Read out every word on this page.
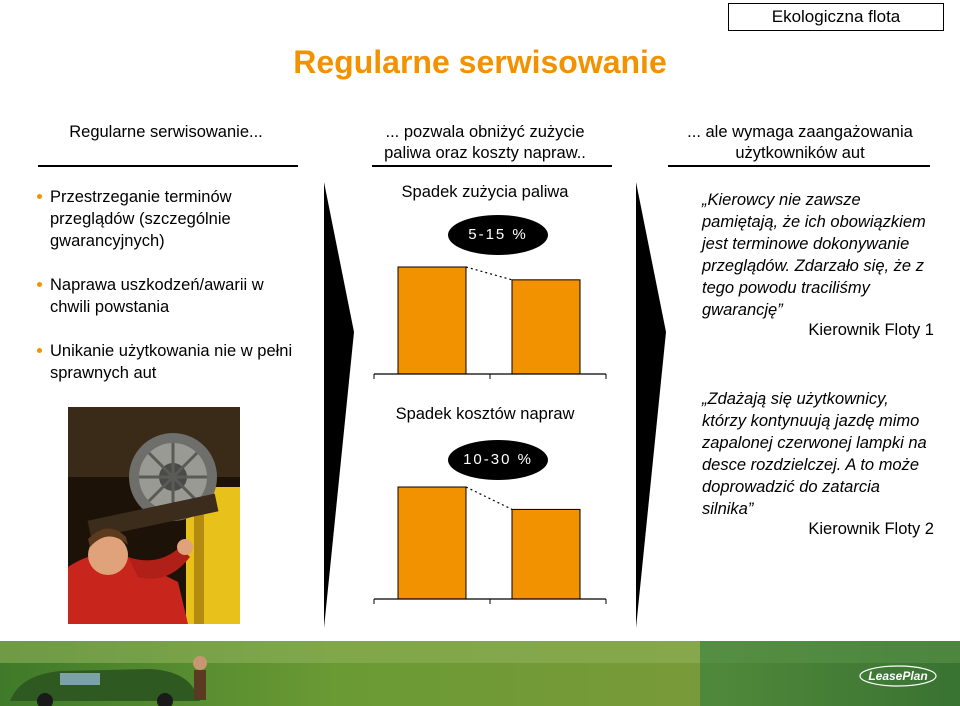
Ekologiczna flota
Regularne serwisowanie
Regularne serwisowanie...	... pozwala obniżyć zużycie
paliwa oraz koszty napraw..
... ale wymaga zaangażowania
użytkowników aut
Przestrzeganie terminów przeglądów (szczególnie gwarancyjnych)
Naprawa uszkodzeń/awarii w chwili powstania
Unikanie użytkowania nie w pełni sprawnych aut
Spadek zużycia paliwa
5-15 %
Spadek kosztów napraw
10-30 %
„Kierowcy nie zawsze pamiętają, że ich obowiązkiem jest terminowe dokonywanie przeglądów. Zdarzało się, że z tego powodu traciliśmy gwarancję”
Kierownik Floty 1
„Zdażają się użytkownicy, którzy kontynuują jazdę mimo zapalonej czerwonej lampki na desce rozdzielczej. A to może doprowadzić do zatarcia silnika”
Kierownik Floty 2
LeasePlan
